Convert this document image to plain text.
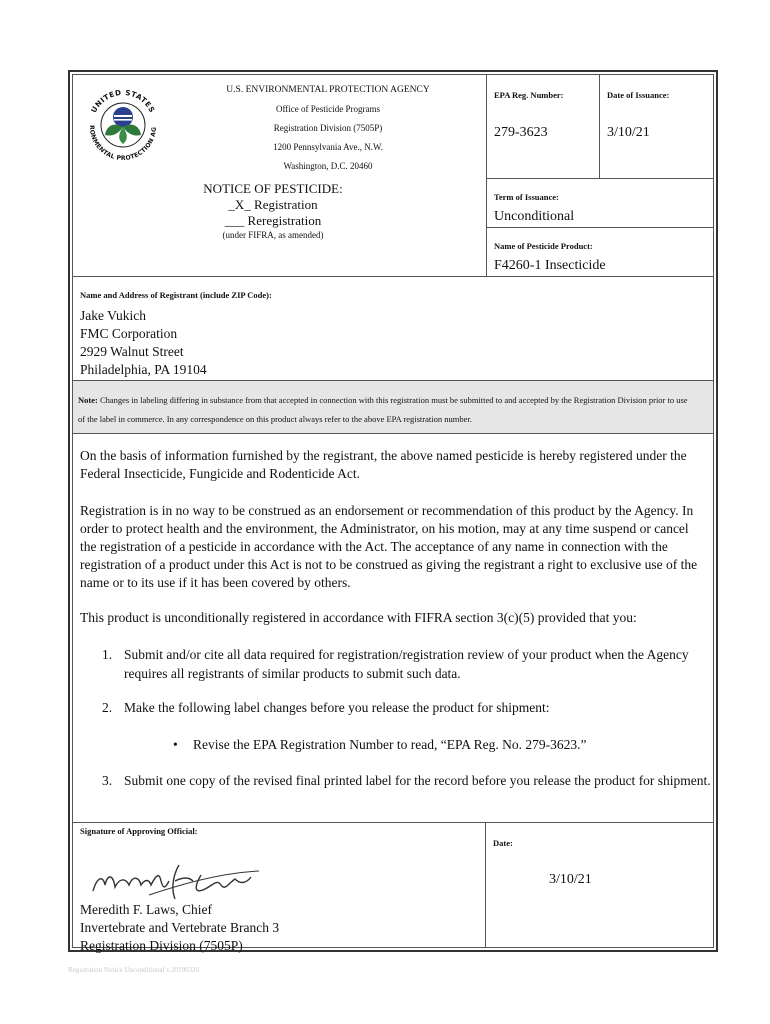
UNITED STATES
RONMENTAL PROTECTION AG
U.S. ENVIRONMENTAL PROTECTION AGENCY
Office of Pesticide Programs
Registration Division (7505P)
1200 Pennsylvania Ave., N.W.
Washington, D.C. 20460
NOTICE OF PESTICIDE:
_X_ Registration
___ Reregistration
(under FIFRA, as amended)
EPA Reg. Number:
279-3623
Date of Issuance:
3/10/21
Term of Issuance:
Unconditional
Name of Pesticide Product:
F4260-1 Insecticide
Name and Address of Registrant (include ZIP Code):
Jake Vukich
FMC Corporation
2929 Walnut Street
Philadelphia, PA 19104
Note: Changes in labeling differing in substance from that accepted in connection with this registration must be submitted to and accepted by the Registration Division prior to use of the label in commerce. In any correspondence on this product always refer to the above EPA registration number.

On the basis of information furnished by the registrant, the above named pesticide is hereby registered under the Federal Insecticide, Fungicide and Rodenticide Act.

Registration is in no way to be construed as an endorsement or recommendation of this product by the Agency. In order to protect health and the environment, the Administrator, on his motion, may at any time suspend or cancel the registration of a pesticide in accordance with the Act. The acceptance of any name in connection with the registration of a product under this Act is not to be construed as giving the registrant a right to exclusive use of the name or to its use if it has been covered by others.

This product is unconditionally registered in accordance with FIFRA section 3(c)(5) provided that you:

1. Submit and/or cite all data required for registration/registration review of your product when the Agency requires all registrants of similar products to submit such data.
2. Make the following label changes before you release the product for shipment:
• Revise the EPA Registration Number to read, “EPA Reg. No. 279-3623.”
3. Submit one copy of the revised final printed label for the record before you release the product for shipment.
Signature of Approving Official:
Meredith F. Laws, Chief
Invertebrate and Vertebrate Branch 3
Registration Division (7505P)
Date:
3/10/21
Registration Notice Unconditional v.20190320
